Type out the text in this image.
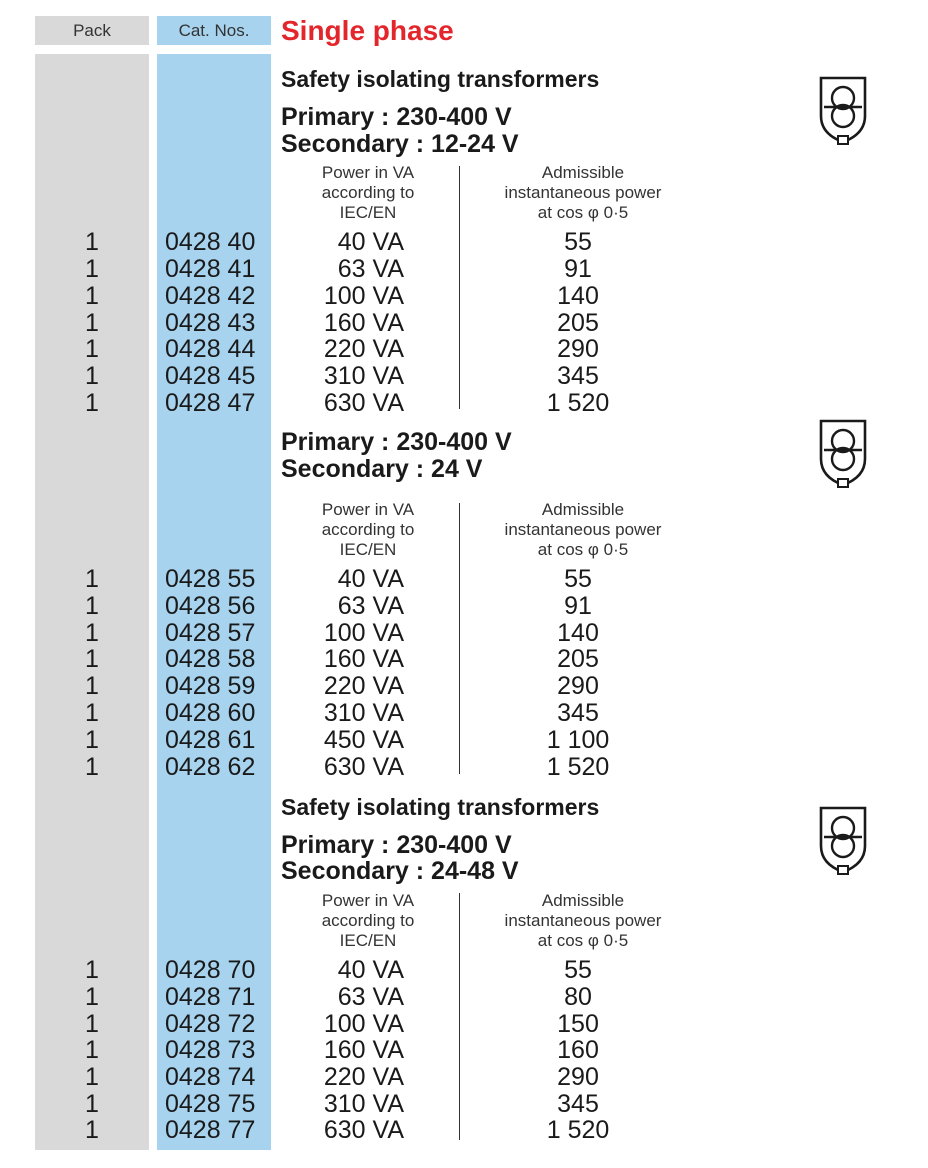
Pack	Cat. Nos.	Single phase
Safety isolating transformers
Primary : 230-400 V
Secondary : 12-24 V
Power in VA
according to
IEC/EN
Admissible
instantaneous power
at cos φ 0·5
1	0428 40	40 VA	55
1	0428 41	63 VA	91
1	0428 42	100 VA	140
1	0428 43	160 VA	205
1	0428 44	220 VA	290
1	0428 45	310 VA	345
1	0428 47	630 VA	1 520
Primary : 230-400 V
Secondary : 24 V
Power in VA
according to
IEC/EN
Admissible
instantaneous power
at cos φ 0·5
1	0428 55	40 VA	55
1	0428 56	63 VA	91
1	0428 57	100 VA	140
1	0428 58	160 VA	205
1	0428 59	220 VA	290
1	0428 60	310 VA	345
1	0428 61	450 VA	1 100
1	0428 62	630 VA	1 520
Safety isolating transformers
Primary : 230-400 V
Secondary : 24-48 V
Power in VA
according to
IEC/EN
Admissible
instantaneous power
at cos φ 0·5
1	0428 70	40 VA	55
1	0428 71	63 VA	80
1	0428 72	100 VA	150
1	0428 73	160 VA	160
1	0428 74	220 VA	290
1	0428 75	310 VA	345
1	0428 77	630 VA	1 520
